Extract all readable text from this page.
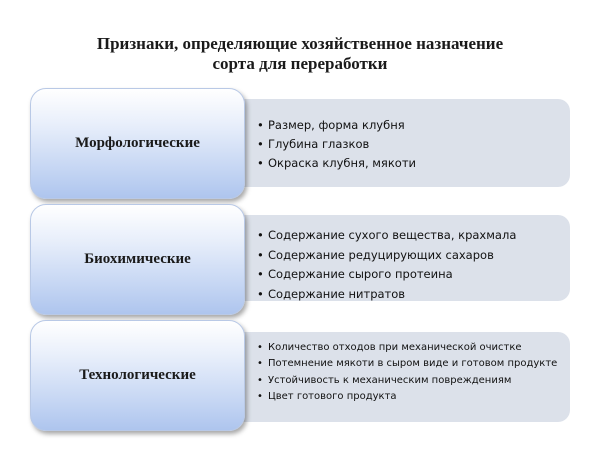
Признаки, определяющие хозяйственное назначение
сорта для переработки
• Размер, форма клубня
• Глубина глазков
• Окраска клубня, мякоти
Морфологические
• Содержание сухого вещества, крахмала
• Содержание редуцирующих сахаров
• Содержание сырого протеина
• Содержание нитратов
Биохимические
• Количество отходов при механической очистке
• Потемнение мякоти в сыром виде и готовом продукте
• Устойчивость к механическим повреждениям
• Цвет готового продукта
Технологические
